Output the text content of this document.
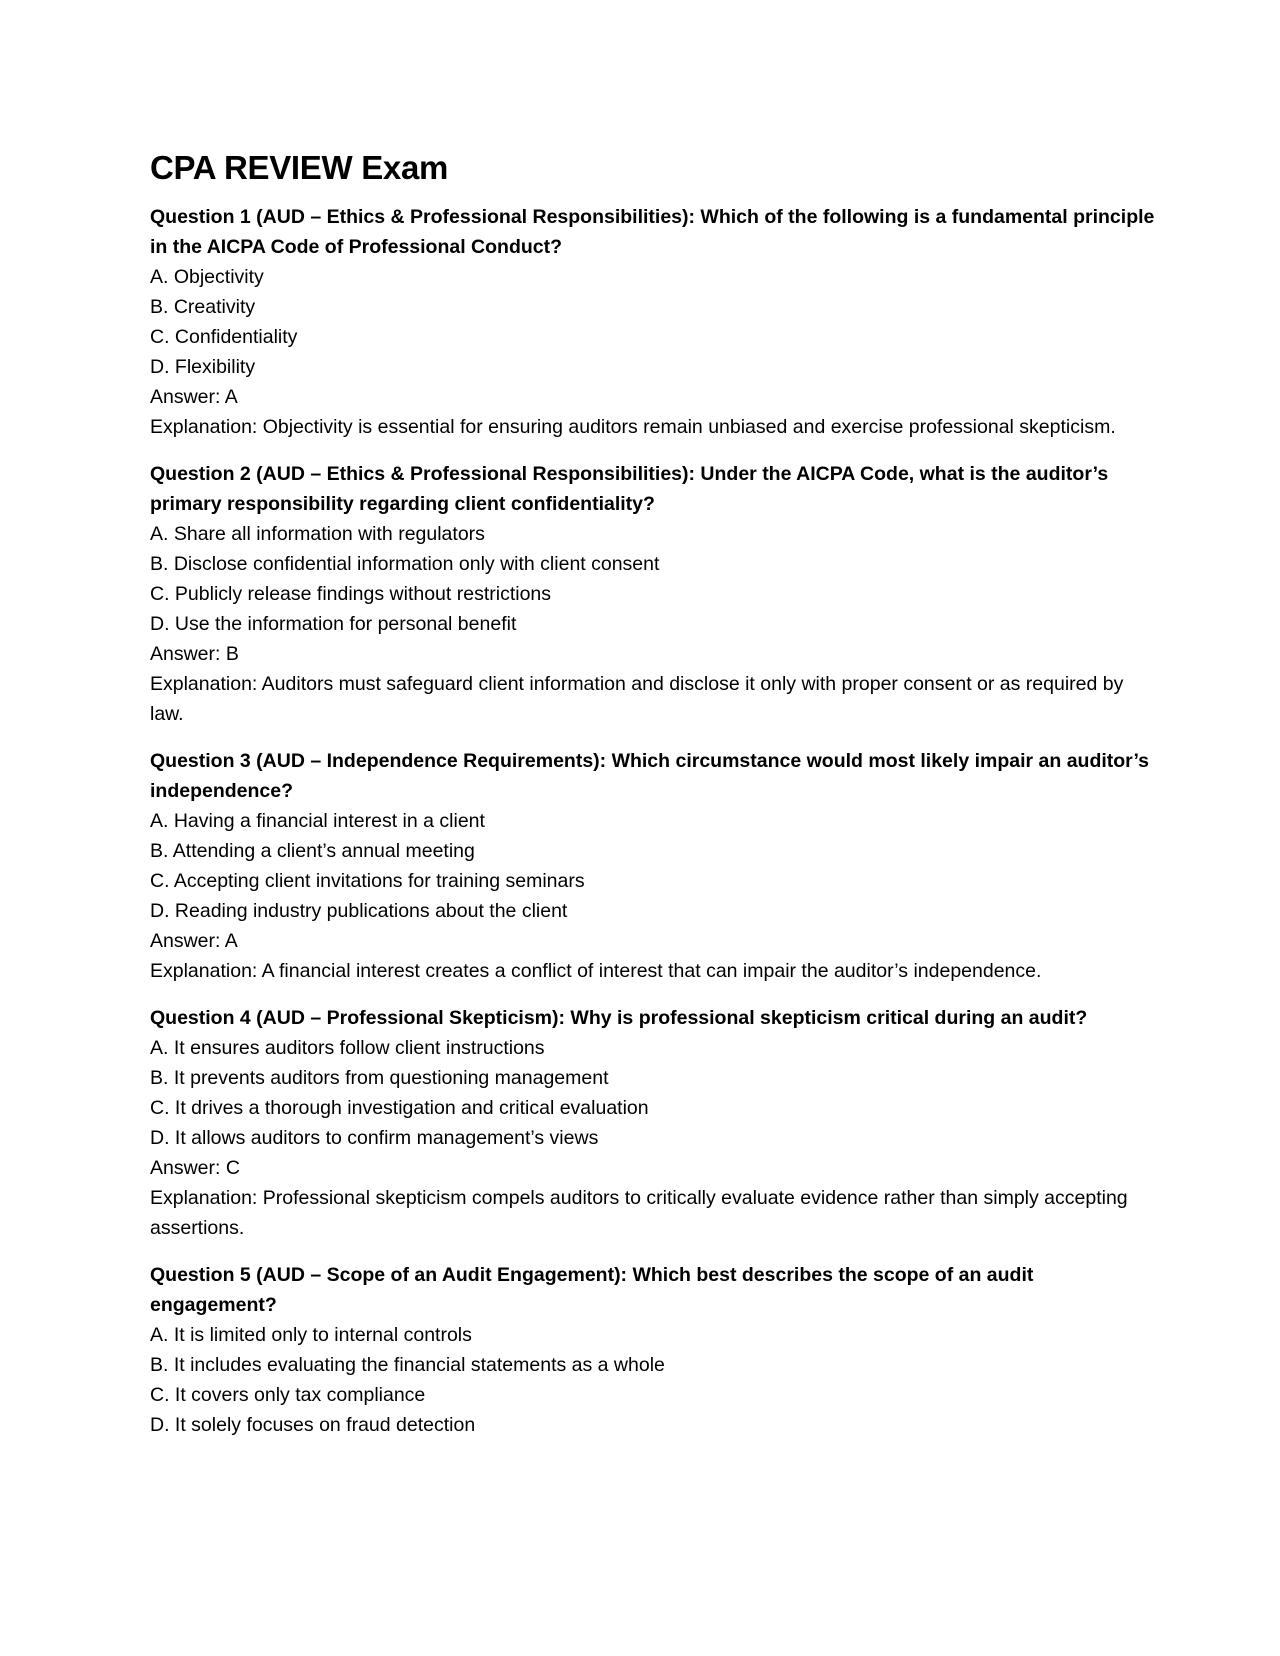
CPA REVIEW Exam

Question 1 (AUD – Ethics & Professional Responsibilities): Which of the following is a fundamental principle in the AICPA Code of Professional Conduct?

A. Objectivity

B. Creativity

C. Confidentiality

D. Flexibility

Answer: A

Explanation: Objectivity is essential for ensuring auditors remain unbiased and exercise professional skepticism.

Question 2 (AUD – Ethics & Professional Responsibilities): Under the AICPA Code, what is the auditor’s primary responsibility regarding client confidentiality?

A. Share all information with regulators

B. Disclose confidential information only with client consent

C. Publicly release findings without restrictions

D. Use the information for personal benefit

Answer: B

Explanation: Auditors must safeguard client information and disclose it only with proper consent or as required by law.

Question 3 (AUD – Independence Requirements): Which circumstance would most likely impair an auditor’s independence?

A. Having a financial interest in a client

B. Attending a client’s annual meeting

C. Accepting client invitations for training seminars

D. Reading industry publications about the client

Answer: A

Explanation: A financial interest creates a conflict of interest that can impair the auditor’s independence.

Question 4 (AUD – Professional Skepticism): Why is professional skepticism critical during an audit?

A. It ensures auditors follow client instructions

B. It prevents auditors from questioning management

C. It drives a thorough investigation and critical evaluation

D. It allows auditors to confirm management’s views

Answer: C

Explanation: Professional skepticism compels auditors to critically evaluate evidence rather than simply accepting assertions.

Question 5 (AUD – Scope of an Audit Engagement): Which best describes the scope of an audit engagement?

A. It is limited only to internal controls

B. It includes evaluating the financial statements as a whole

C. It covers only tax compliance

D. It solely focuses on fraud detection
